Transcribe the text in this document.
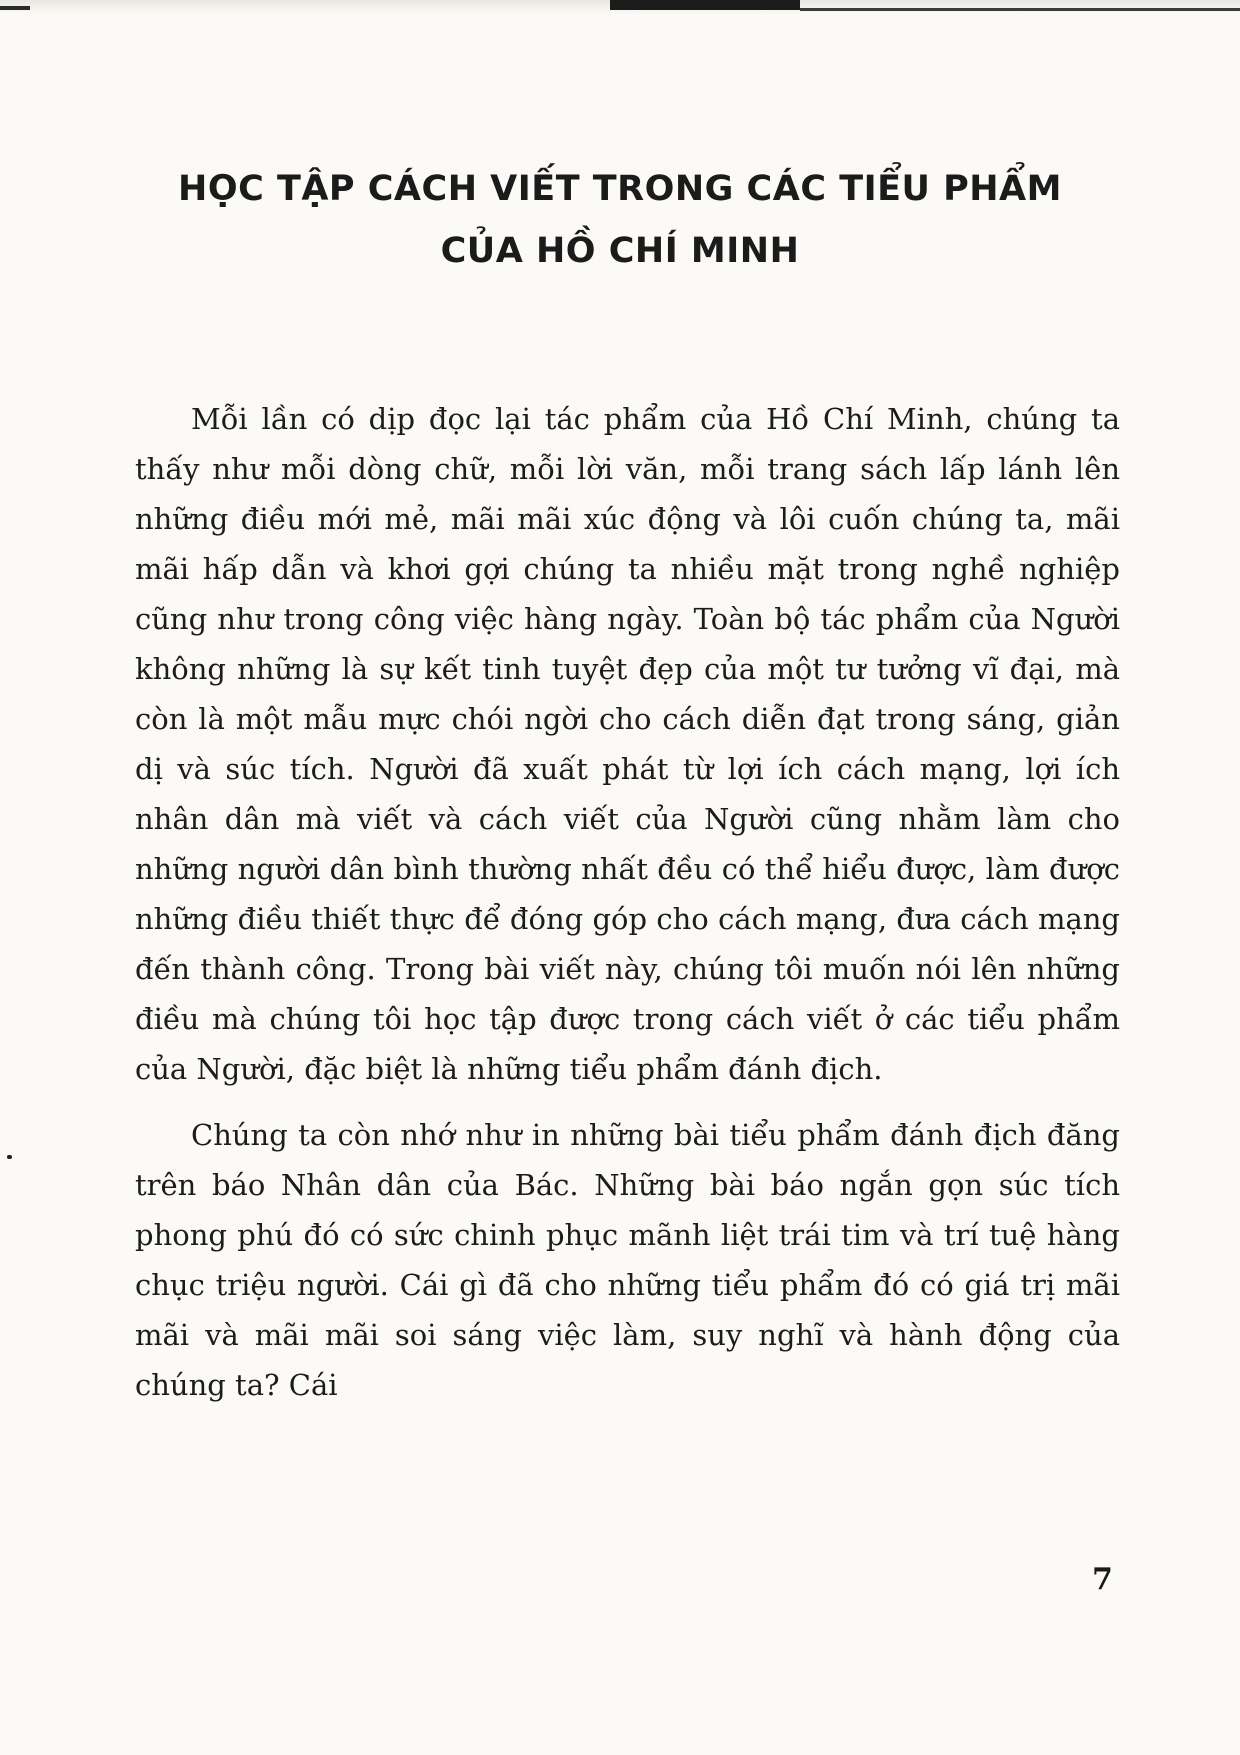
HỌC TẬP CÁCH VIẾT TRONG CÁC TIỂU PHẨM
CỦA HỒ CHÍ MINH

Mỗi lần có dịp đọc lại tác phẩm của Hồ Chí Minh, chúng ta thấy như mỗi dòng chữ, mỗi lời văn, mỗi trang sách lấp lánh lên những điều mới mẻ, mãi mãi xúc động và lôi cuốn chúng ta, mãi mãi hấp dẫn và khơi gợi chúng ta nhiều mặt trong nghề nghiệp cũng như trong công việc hàng ngày. Toàn bộ tác phẩm của Người không những là sự kết tinh tuyệt đẹp của một tư tưởng vĩ đại, mà còn là một mẫu mực chói ngời cho cách diễn đạt trong sáng, giản dị và súc tích. Người đã xuất phát từ lợi ích cách mạng, lợi ích nhân dân mà viết và cách viết của Người cũng nhằm làm cho những người dân bình thường nhất đều có thể hiểu được, làm được những điều thiết thực để đóng góp cho cách mạng, đưa cách mạng đến thành công. Trong bài viết này, chúng tôi muốn nói lên những điều mà chúng tôi học tập được trong cách viết ở các tiểu phẩm của Người, đặc biệt là những tiểu phẩm đánh địch.

Chúng ta còn nhớ như in những bài tiểu phẩm đánh địch đăng trên báo Nhân dân của Bác. Những bài báo ngắn gọn súc tích phong phú đó có sức chinh phục mãnh liệt trái tim và trí tuệ hàng chục triệu người. Cái gì đã cho những tiểu phẩm đó có giá trị mãi mãi và mãi mãi soi sáng việc làm, suy nghĩ và hành động của chúng ta? Cái

7
